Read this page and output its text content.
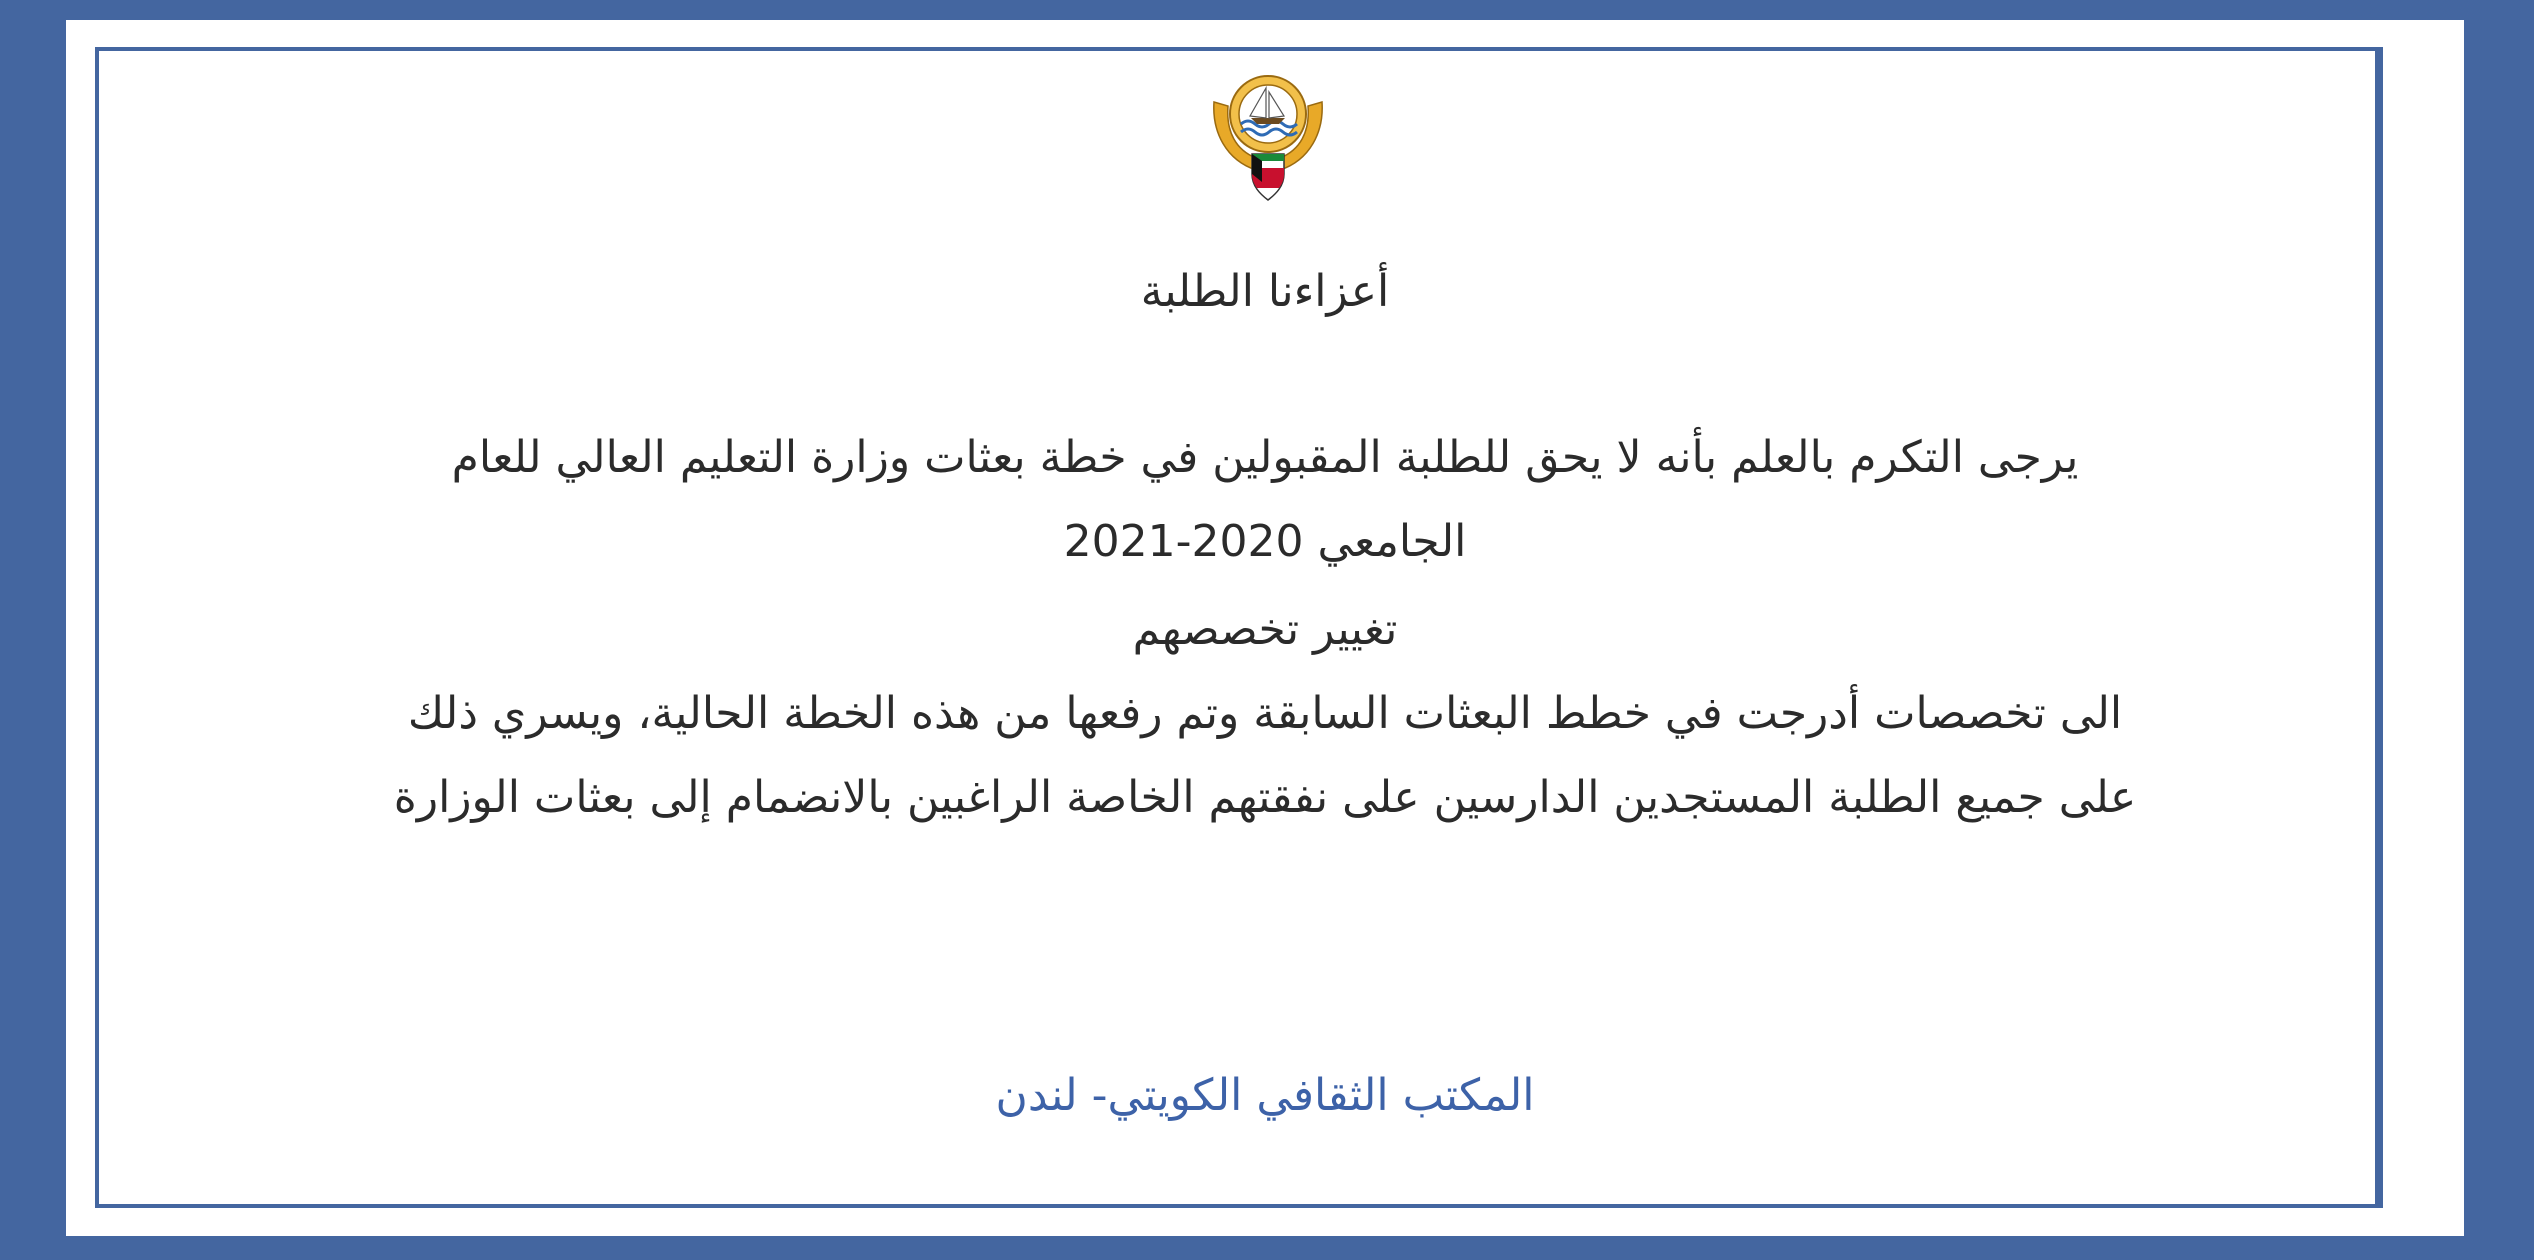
أعزاءنا الطلبة
يرجى التكرم بالعلم بأنه لا يحق للطلبة المقبولين في خطة بعثات وزارة التعليم العالي للعام
الجامعي 2020-2021
تغيير تخصصهم
الى تخصصات أدرجت في خطط البعثات السابقة وتم رفعها من هذه الخطة الحالية، ويسري ذلك
على جميع الطلبة المستجدين الدارسين على نفقتهم الخاصة الراغبين بالانضمام إلى بعثات الوزارة
المكتب الثقافي الكويتي- لندن
